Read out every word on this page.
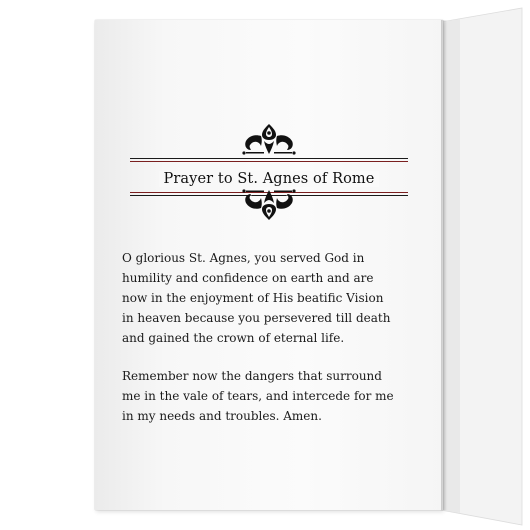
Prayer to St. Agnes of Rome
O glorious St. Agnes, you served God in
humility and confidence on earth and are
now in the enjoyment of His beatific Vision
in heaven because you persevered till death
and gained the crown of eternal life.
Remember now the dangers that surround
me in the vale of tears, and intercede for me
in my needs and troubles. Amen.
